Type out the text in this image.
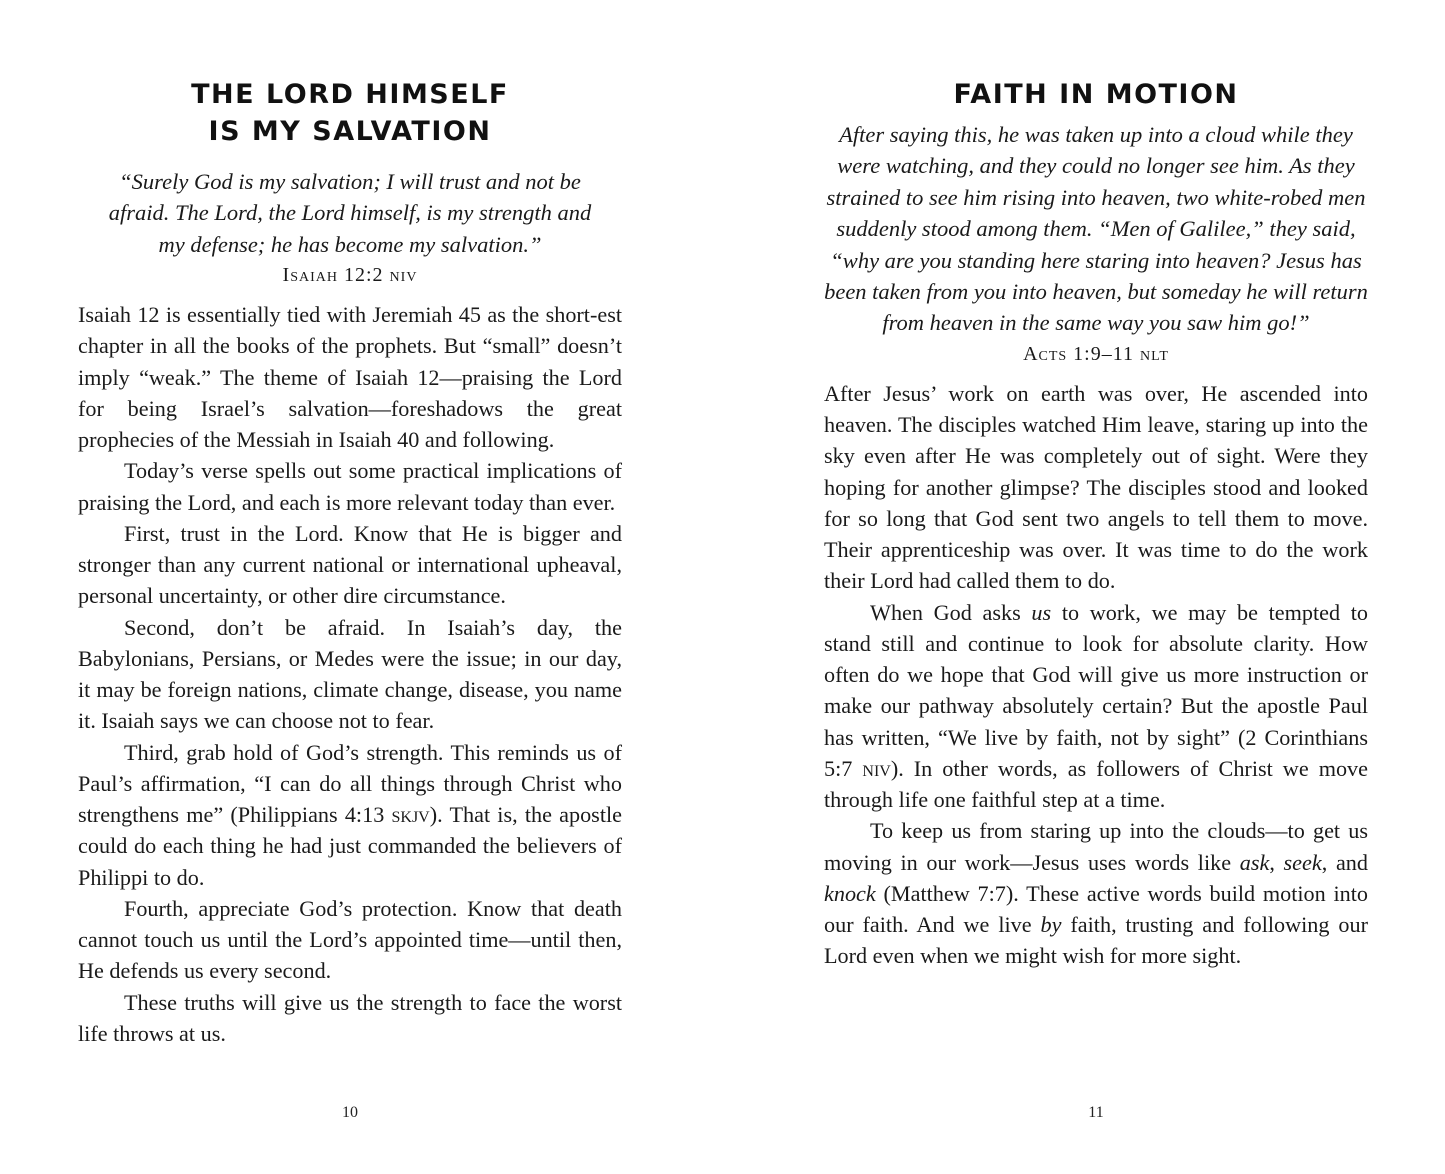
THE LORD HIMSELF
IS MY SALVATION

“Surely God is my salvation; I will trust and not be afraid. The Lord, the Lord himself, is my strength and my defense; he has become my salvation.”

Isaiah 12:2 niv

Isaiah 12 is essentially tied with Jeremiah 45 as the short-est chapter in all the books of the prophets. But “small” doesn’t imply “weak.” The theme of Isaiah 12—praising the Lord for being Israel’s salvation—foreshadows the great prophecies of the Messiah in Isaiah 40 and following.

Today’s verse spells out some practical implications of praising the Lord, and each is more relevant today than ever.

First, trust in the Lord. Know that He is bigger and stronger than any current national or international upheaval, personal uncertainty, or other dire circumstance.

Second, don’t be afraid. In Isaiah’s day, the Babylonians, Persians, or Medes were the issue; in our day, it may be foreign nations, climate change, disease, you name it. Isaiah says we can choose not to fear.

Third, grab hold of God’s strength. This reminds us of Paul’s affirmation, “I can do all things through Christ who strengthens me” (Philippians 4:13 skjv). That is, the apostle could do each thing he had just commanded the believers of Philippi to do.

Fourth, appreciate God’s protection. Know that death cannot touch us until the Lord’s appointed time—until then, He defends us every second.

These truths will give us the strength to face the worst life throws at us.

10
FAITH IN MOTION

After saying this, he was taken up into a cloud while they were watching, and they could no longer see him. As they strained to see him rising into heaven, two white-robed men suddenly stood among them. “Men of Galilee,” they said, “why are you standing here staring into heaven? Jesus has been taken from you into heaven, but someday he will return from heaven in the same way you saw him go!”

Acts 1:9–11 nlt

After Jesus’ work on earth was over, He ascended into heaven. The disciples watched Him leave, staring up into the sky even after He was completely out of sight. Were they hoping for another glimpse? The disciples stood and looked for so long that God sent two angels to tell them to move. Their apprenticeship was over. It was time to do the work their Lord had called them to do.

When God asks us to work, we may be tempted to stand still and continue to look for absolute clarity. How often do we hope that God will give us more instruction or make our pathway absolutely certain? But the apostle Paul has written, “We live by faith, not by sight” (2 Corinthians 5:7 niv). In other words, as followers of Christ we move through life one faithful step at a time.

To keep us from staring up into the clouds—to get us moving in our work—Jesus uses words like ask, seek, and knock (Matthew 7:7). These active words build motion into our faith. And we live by faith, trusting and following our Lord even when we might wish for more sight.

11
